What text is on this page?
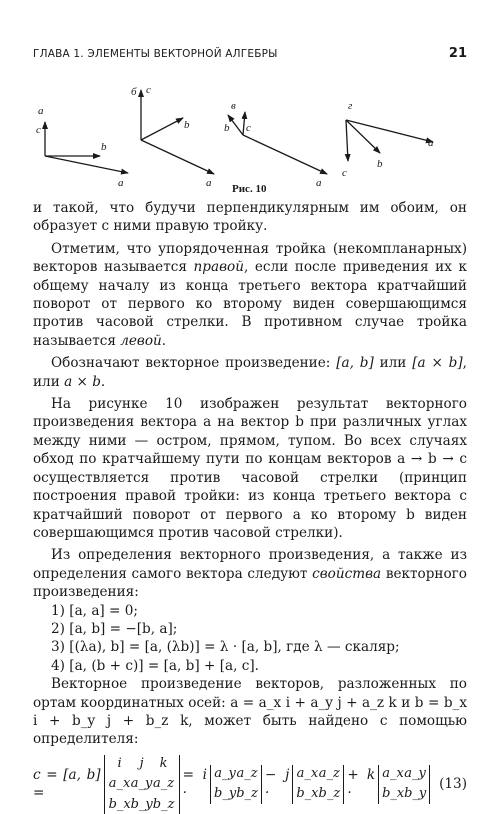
ГЛАВА 1. ЭЛЕМЕНТЫ ВЕКТОРНОЙ АЛГЕБРЫ	21
а
c
b
a
б c
b
a
в
b c
a
г
a
b
c
Рис. 10

и такой, что будучи перпендикулярным им обоим, он образует с ними правую тройку.

Отметим, что упорядоченная тройка (некомпланарных) векторов называется правой, если после приведения их к общему началу из конца третьего вектора кратчайший поворот от первого ко второму виден совершающимся против часовой стрелки. В противном случае тройка называется левой.

Обозначают векторное произведение: [a, b] или [a × b], или a × b.

На рисунке 10 изображен результат векторного произведения вектора a на вектор b при различных углах между ними — остром, прямом, тупом. Во всех случаях обход по кратчайшему пути по концам векторов a → b → c осуществляется против часовой стрелки (принцип построения правой тройки: из конца третьего вектора c кратчайший поворот от первого a ко второму b виден совершающимся против часовой стрелки).

Из определения векторного произведения, а также из определения самого вектора следуют свойства векторного произведения:

1) [a, a] = 0;
2) [a, b] = −[b, a];
3) [(λa), b] = [a, (λb)] = λ · [a, b], где λ — скаляр;
4) [a, (b + c)] = [a, b] + [a, c].

Векторное произведение векторов, разложенных по ортам координатных осей: a = a_x i + a_y j + a_z k и b = b_x i + b_y j + b_z k, может быть найдено с помощью определителя:

c = [a, b] =
i	j	k
a_x a_y a_z
b_x b_y b_z
= i ·
a_y a_z
b_y b_z
− j ·
a_x a_z
b_x b_z
+ k ·
a_x a_y
b_x b_y
(13)
